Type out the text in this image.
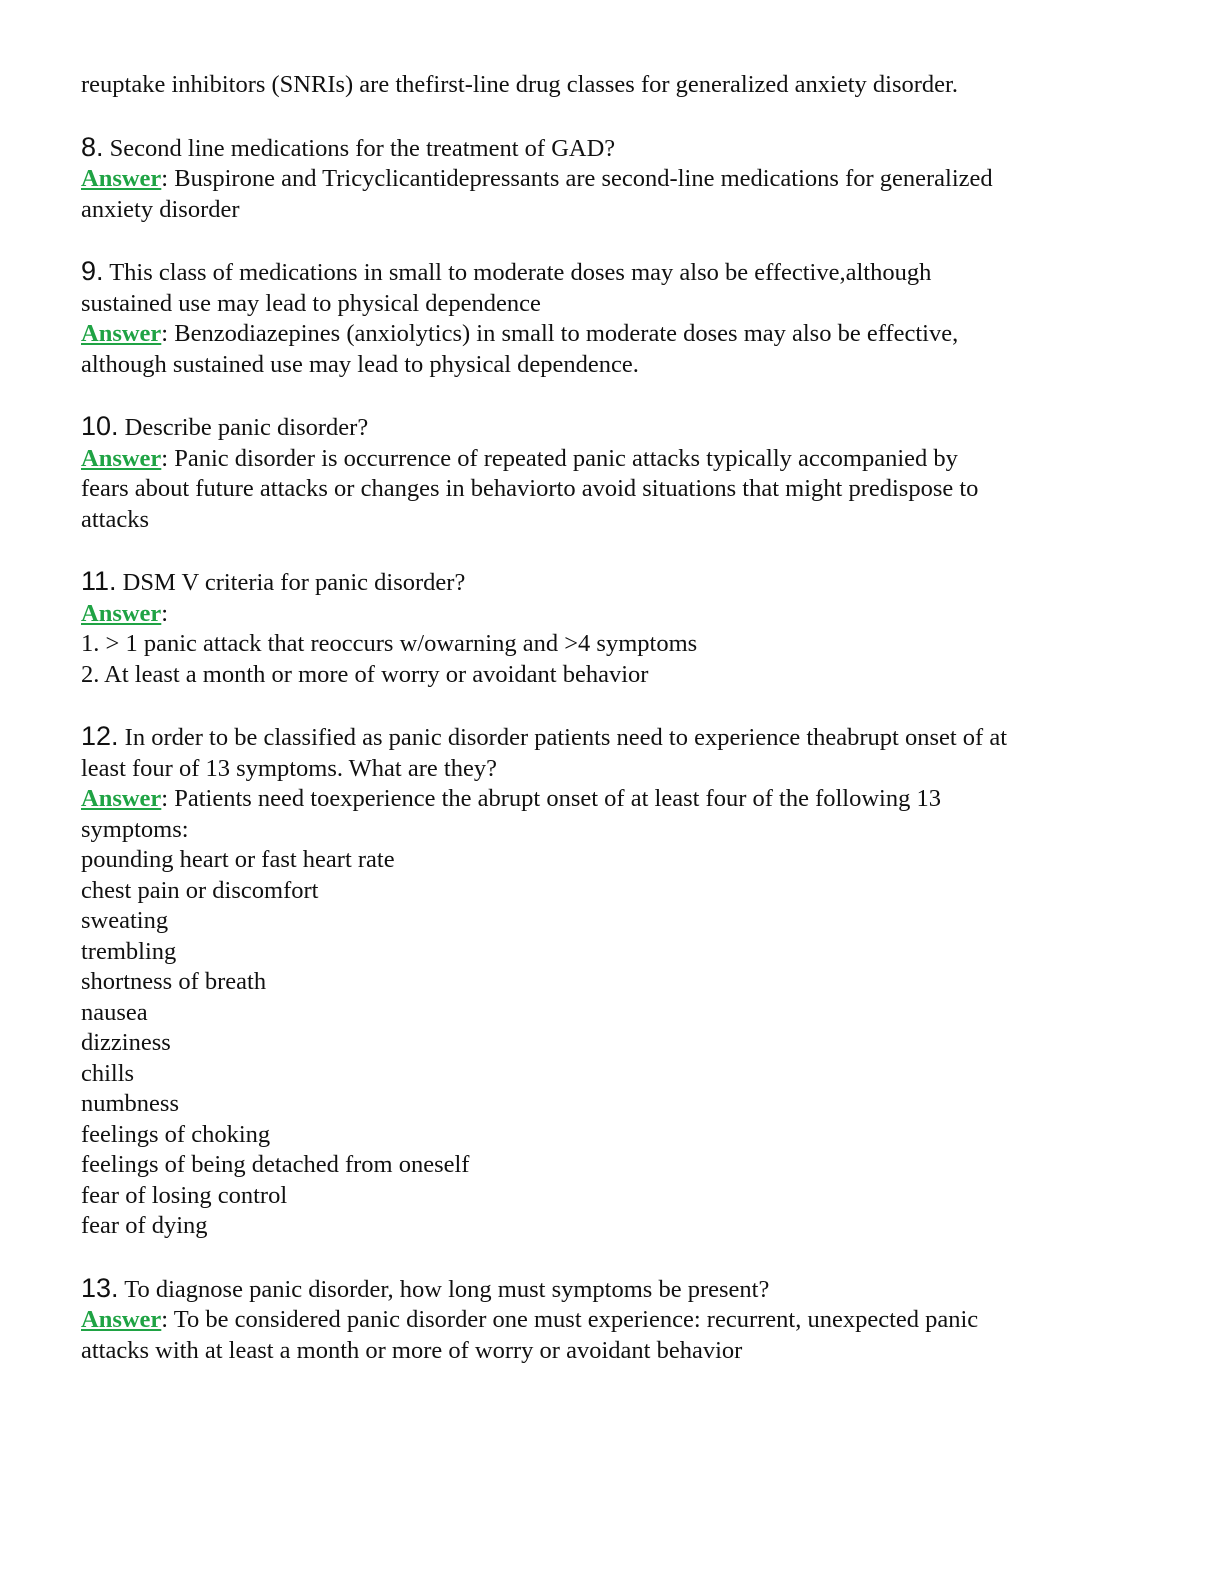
reuptake inhibitors (SNRIs) are thefirst-line drug classes for generalized anxiety disorder.
8. Second line medications for the treatment of GAD?
Answer: Buspirone and Tricyclicantidepressants are second-line medications for generalized
anxiety disorder
9. This class of medications in small to moderate doses may also be effective,although
sustained use may lead to physical dependence
Answer: Benzodiazepines (anxiolytics) in small to moderate doses may also be effective,
although sustained use may lead to physical dependence.
10. Describe panic disorder?
Answer: Panic disorder is occurrence of repeated panic attacks typically accompanied by
fears about future attacks or changes in behaviorto avoid situations that might predispose to
attacks
11. DSM V criteria for panic disorder?
Answer:
1. > 1 panic attack that reoccurs w/owarning and >4 symptoms
2. At least a month or more of worry or avoidant behavior
12. In order to be classified as panic disorder patients need to experience theabrupt onset of at
least four of 13 symptoms. What are they?
Answer: Patients need toexperience the abrupt onset of at least four of the following 13
symptoms:
pounding heart or fast heart rate
chest pain or discomfort
sweating
trembling
shortness of breath
nausea
dizziness
chills
numbness
feelings of choking
feelings of being detached from oneself
fear of losing control
fear of dying
13. To diagnose panic disorder, how long must symptoms be present?
Answer: To be considered panic disorder one must experience: recurrent, unexpected panic
attacks with at least a month or more of worry or avoidant behavior
